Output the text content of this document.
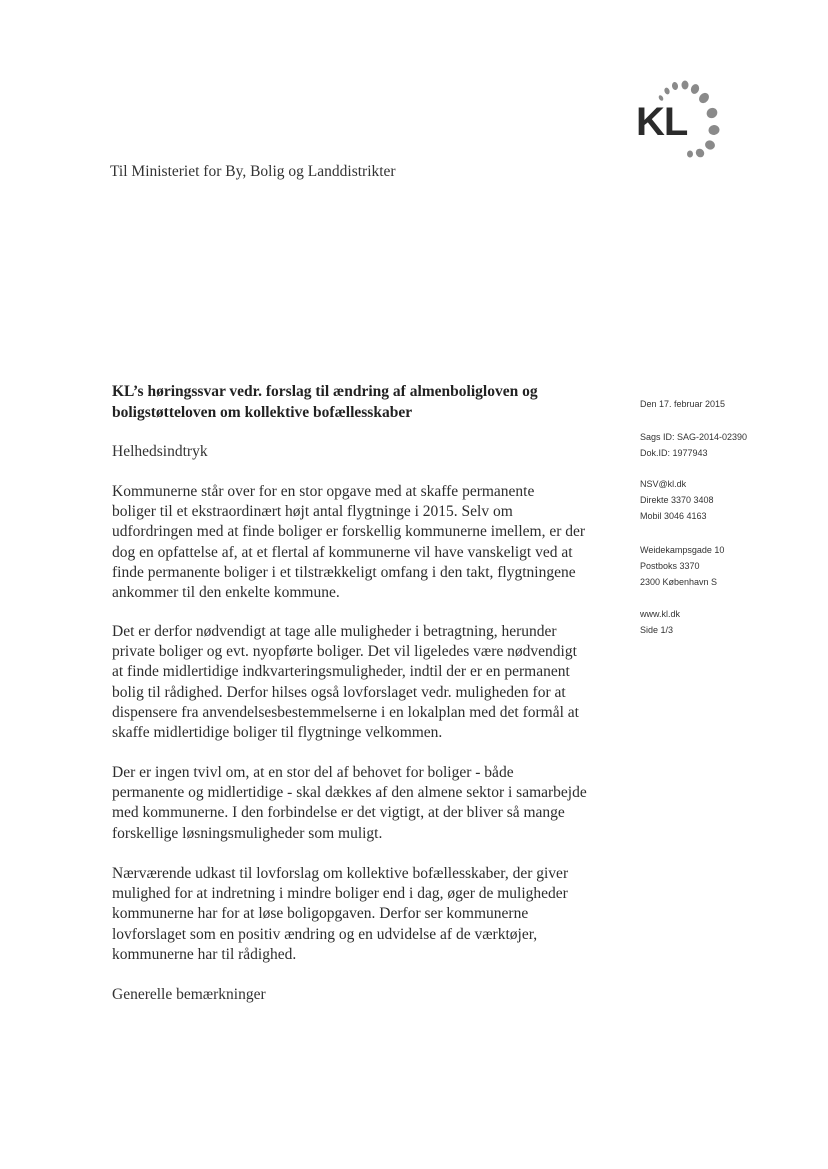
KL
Til Ministeriet for By, Bolig og Landdistrikter
KL’s høringssvar vedr. forslag til ændring af almenboligloven og
boligstøtteloven om kollektive bofællesskaber
Helhedsindtryk
Kommunerne står over for en stor opgave med at skaffe permanente
boliger til et ekstraordinært højt antal flygtninge i 2015. Selv om
udfordringen med at finde boliger er forskellig kommunerne imellem, er der
dog en opfattelse af, at et flertal af kommunerne vil have vanskeligt ved at
finde permanente boliger i et tilstrækkeligt omfang i den takt, flygtningene
ankommer til den enkelte kommune.
Det er derfor nødvendigt at tage alle muligheder i betragtning, herunder
private boliger og evt. nyopførte boliger. Det vil ligeledes være nødvendigt
at finde midlertidige indkvarteringsmuligheder, indtil der er en permanent
bolig til rådighed. Derfor hilses også lovforslaget vedr. muligheden for at
dispensere fra anvendelsesbestemmelserne i en lokalplan med det formål at
skaffe midlertidige boliger til flygtninge velkommen.
Der er ingen tvivl om, at en stor del af behovet for boliger - både
permanente og midlertidige - skal dækkes af den almene sektor i samarbejde
med kommunerne. I den forbindelse er det vigtigt, at der bliver så mange
forskellige løsningsmuligheder som muligt.
Nærværende udkast til lovforslag om kollektive bofællesskaber, der giver
mulighed for at indretning i mindre boliger end i dag, øger de muligheder
kommunerne har for at løse boligopgaven. Derfor ser kommunerne
lovforslaget som en positiv ændring og en udvidelse af de værktøjer,
kommunerne har til rådighed.
Generelle bemærkninger
Den 17. februar 2015
Sags ID: SAG-2014-02390
Dok.ID: 1977943
NSV@kl.dk
Direkte 3370 3408
Mobil 3046 4163
Weidekampsgade 10
Postboks 3370
2300 København S
www.kl.dk
Side 1/3
